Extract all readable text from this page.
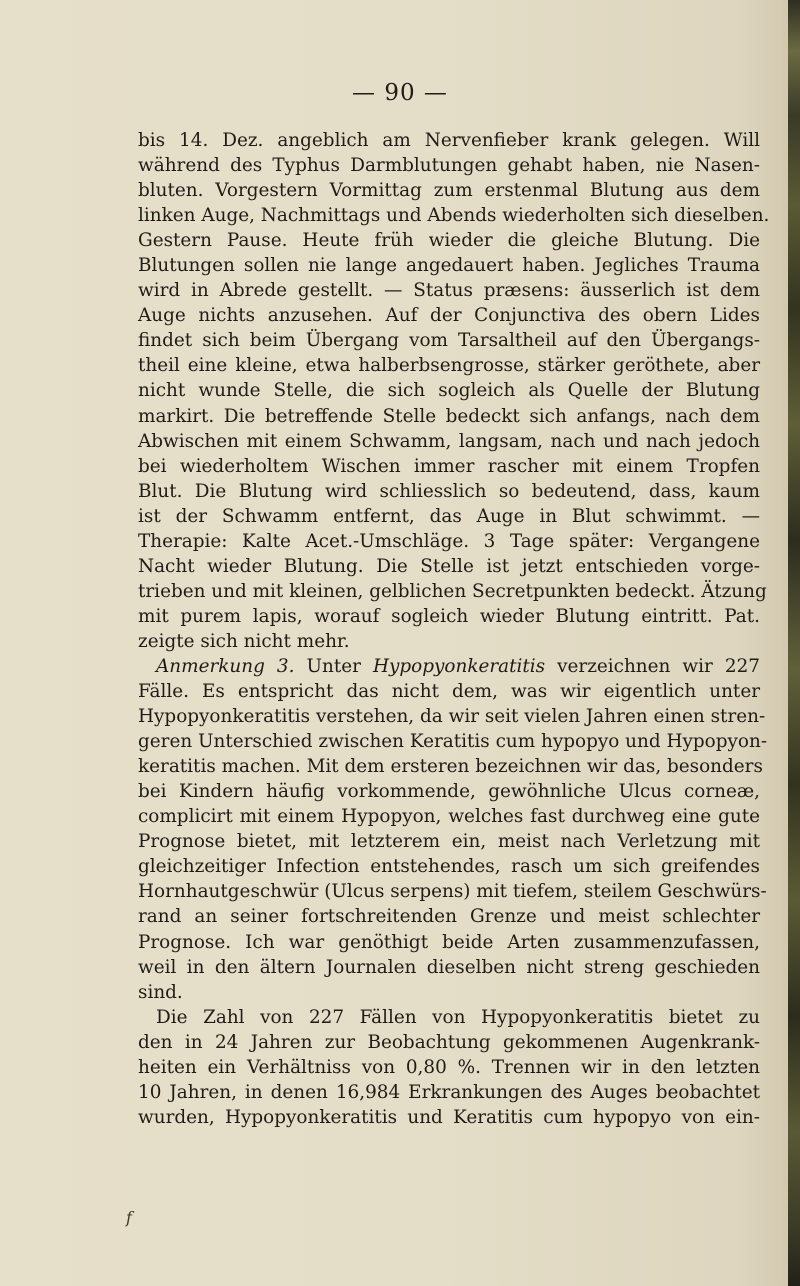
— 90 —
bis 14. Dez. angeblich am Nervenfieber krank gelegen. Will
während des Typhus Darmblutungen gehabt haben, nie Nasen-
bluten. Vorgestern Vormittag zum erstenmal Blutung aus dem
linken Auge, Nachmittags und Abends wiederholten sich dieselben.
Gestern Pause. Heute früh wieder die gleiche Blutung. Die
Blutungen sollen nie lange angedauert haben. Jegliches Trauma
wird in Abrede gestellt. — Status præsens: äusserlich ist dem
Auge nichts anzusehen. Auf der Conjunctiva des obern Lides
findet sich beim Übergang vom Tarsaltheil auf den Übergangs-
theil eine kleine, etwa halberbsengrosse, stärker geröthete, aber
nicht wunde Stelle, die sich sogleich als Quelle der Blutung
markirt. Die betreffende Stelle bedeckt sich anfangs, nach dem
Abwischen mit einem Schwamm, langsam, nach und nach jedoch
bei wiederholtem Wischen immer rascher mit einem Tropfen
Blut. Die Blutung wird schliesslich so bedeutend, dass, kaum
ist der Schwamm entfernt, das Auge in Blut schwimmt. —
Therapie: Kalte Acet.-Umschläge. 3 Tage später: Vergangene
Nacht wieder Blutung. Die Stelle ist jetzt entschieden vorge-
trieben und mit kleinen, gelblichen Secretpunkten bedeckt. Ätzung
mit purem lapis, worauf sogleich wieder Blutung eintritt. Pat.
zeigte sich nicht mehr.
Anmerkung 3. Unter Hypopyonkeratitis verzeichnen wir 227
Fälle. Es entspricht das nicht dem, was wir eigentlich unter
Hypopyonkeratitis verstehen, da wir seit vielen Jahren einen stren-
geren Unterschied zwischen Keratitis cum hypopyo und Hypopyon-
keratitis machen. Mit dem ersteren bezeichnen wir das, besonders
bei Kindern häufig vorkommende, gewöhnliche Ulcus corneæ,
complicirt mit einem Hypopyon, welches fast durchweg eine gute
Prognose bietet, mit letzterem ein, meist nach Verletzung mit
gleichzeitiger Infection entstehendes, rasch um sich greifendes
Hornhautgeschwür (Ulcus serpens) mit tiefem, steilem Geschwürs-
rand an seiner fortschreitenden Grenze und meist schlechter
Prognose. Ich war genöthigt beide Arten zusammenzufassen,
weil in den ältern Journalen dieselben nicht streng geschieden
sind.
Die Zahl von 227 Fällen von Hypopyonkeratitis bietet zu
den in 24 Jahren zur Beobachtung gekommenen Augenkrank-
heiten ein Verhältniss von 0,80 %. Trennen wir in den letzten
10 Jahren, in denen 16,984 Erkrankungen des Auges beobachtet
wurden, Hypopyonkeratitis und Keratitis cum hypopyo von ein-
f
